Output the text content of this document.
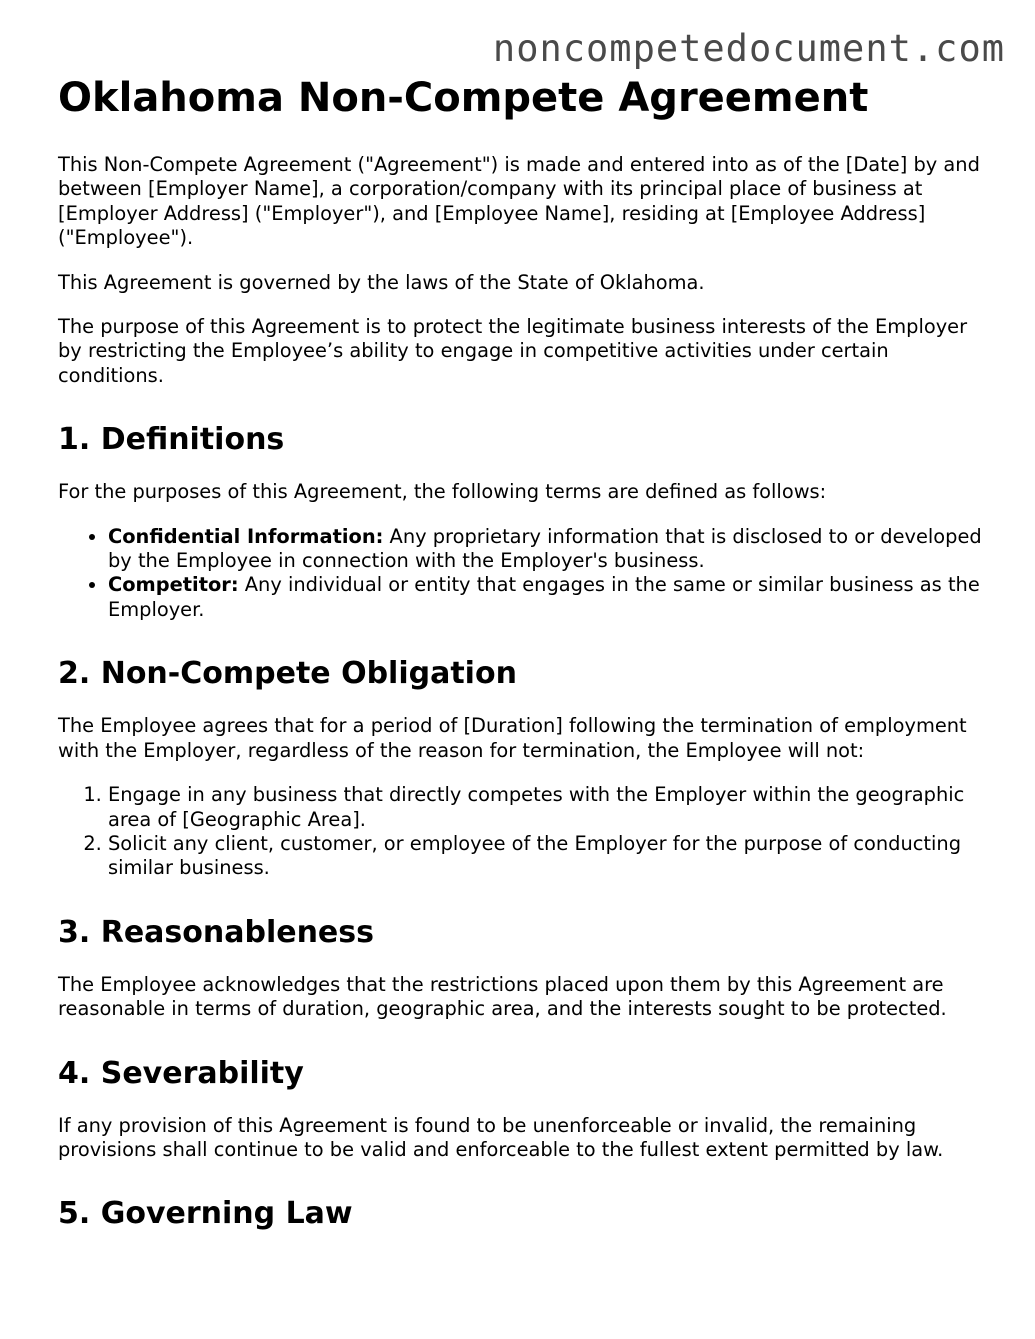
noncompetedocument.com
Oklahoma Non-Compete Agreement

This Non-Compete Agreement ("Agreement") is made and entered into as of the [Date] by and between [Employer Name], a corporation/company with its principal place of business at [Employer Address] ("Employer"), and [Employee Name], residing at [Employee Address] ("Employee").

This Agreement is governed by the laws of the State of Oklahoma.

The purpose of this Agreement is to protect the legitimate business interests of the Employer by restricting the Employee’s ability to engage in competitive activities under certain conditions.

1. Definitions

For the purposes of this Agreement, the following terms are defined as follows:

• Confidential Information: Any proprietary information that is disclosed to or developed by the Employee in connection with the Employer's business.
• Competitor: Any individual or entity that engages in the same or similar business as the Employer.
2. Non-Compete Obligation

The Employee agrees that for a period of [Duration] following the termination of employment with the Employer, regardless of the reason for termination, the Employee will not:

1. Engage in any business that directly competes with the Employer within the geographic area of [Geographic Area].
2. Solicit any client, customer, or employee of the Employer for the purpose of conducting similar business.
3. Reasonableness

The Employee acknowledges that the restrictions placed upon them by this Agreement are reasonable in terms of duration, geographic area, and the interests sought to be protected.

4. Severability

If any provision of this Agreement is found to be unenforceable or invalid, the remaining provisions shall continue to be valid and enforceable to the fullest extent permitted by law.

5. Governing Law
